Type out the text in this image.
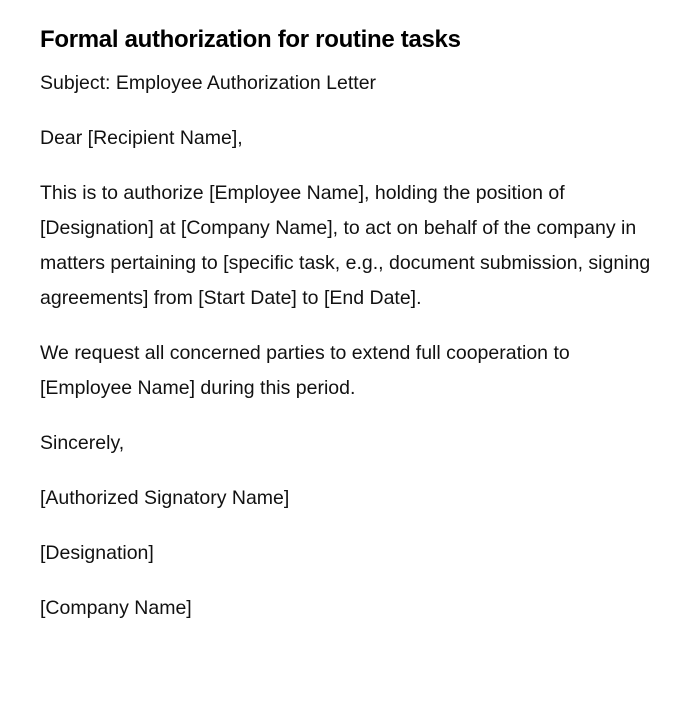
Formal authorization for routine tasks

Subject: Employee Authorization Letter

Dear [Recipient Name],

This is to authorize [Employee Name], holding the position of [Designation] at [Company Name], to act on behalf of the company in matters pertaining to [specific task, e.g., document submission, signing agreements] from [Start Date] to [End Date].

We request all concerned parties to extend full cooperation to [Employee Name] during this period.

Sincerely,

[Authorized Signatory Name]

[Designation]

[Company Name]
